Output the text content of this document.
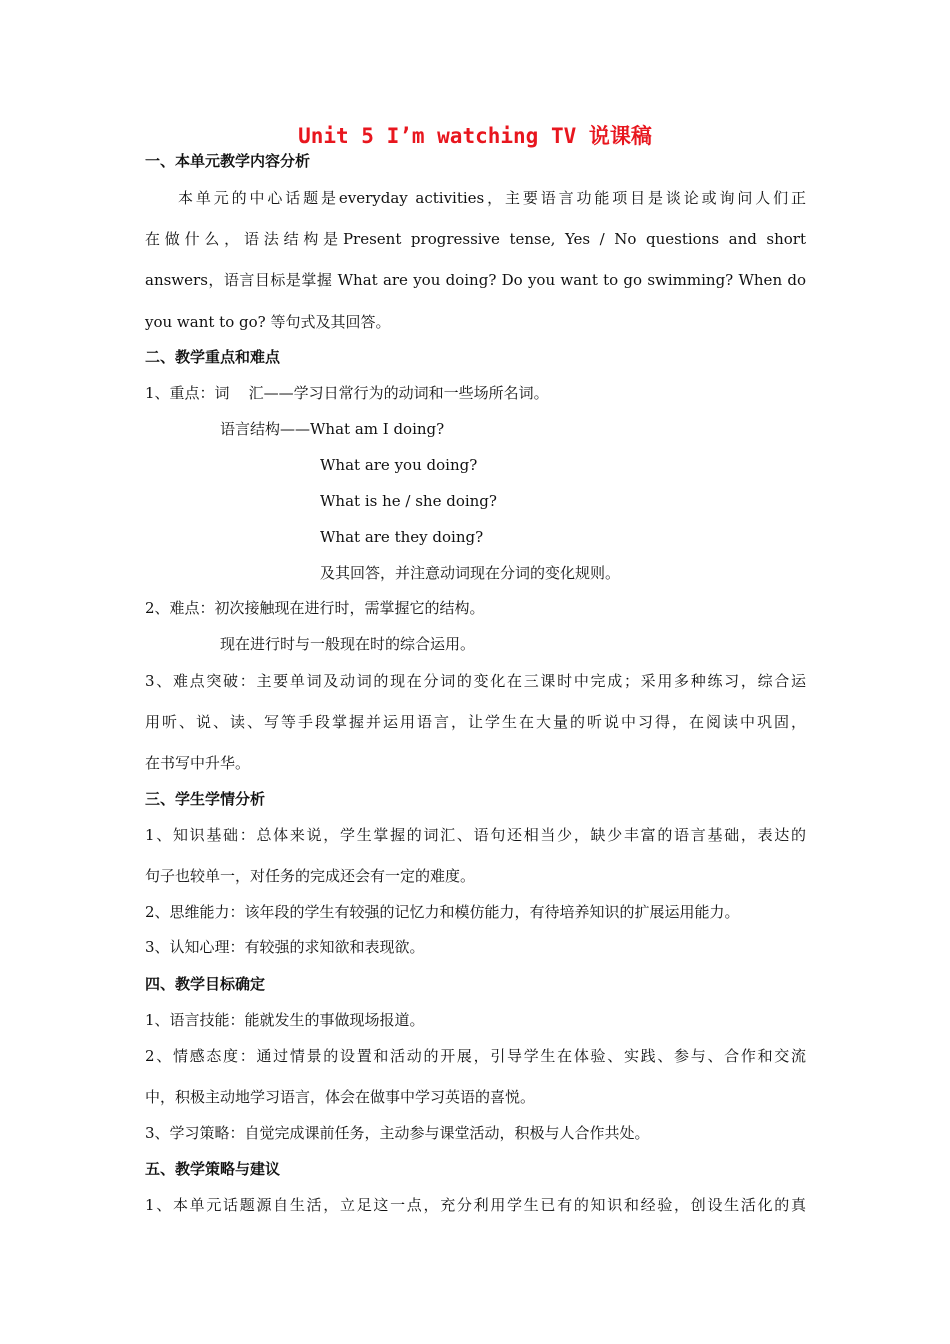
Unit 5 I’m watching TV 说课稿
一、本单元教学内容分析
本单元的中心话题是everyday activities，主要语言功能项目是谈论或询问人们正
在做什么，语法结构是Present progressive tense, Yes / No questions and short
answers，语言目标是掌握 What are you doing? Do you want to go swimming? When do
you want to go? 等句式及其回答。
二、教学重点和难点
1、重点：词    汇——学习日常行为的动词和一些场所名词。
语言结构——What am I doing?
What are you doing?
What is he / she doing?
What are they doing?
及其回答，并注意动词现在分词的变化规则。
2、难点：初次接触现在进行时，需掌握它的结构。
现在进行时与一般现在时的综合运用。
3、难点突破：主要单词及动词的现在分词的变化在三课时中完成；采用多种练习，综合运
用听、说、读、写等手段掌握并运用语言，让学生在大量的听说中习得，在阅读中巩固，
在书写中升华。
三、学生学情分析
1、知识基础：总体来说，学生掌握的词汇、语句还相当少，缺少丰富的语言基础，表达的
句子也较单一，对任务的完成还会有一定的难度。
2、思维能力：该年段的学生有较强的记忆力和模仿能力，有待培养知识的扩展运用能力。
3、认知心理：有较强的求知欲和表现欲。
四、教学目标确定
1、语言技能：能就发生的事做现场报道。
2、情感态度：通过情景的设置和活动的开展，引导学生在体验、实践、参与、合作和交流
中，积极主动地学习语言，体会在做事中学习英语的喜悦。
3、学习策略：自觉完成课前任务，主动参与课堂活动，积极与人合作共处。
五、教学策略与建议
1、本单元话题源自生活，立足这一点，充分利用学生已有的知识和经验，创设生活化的真
